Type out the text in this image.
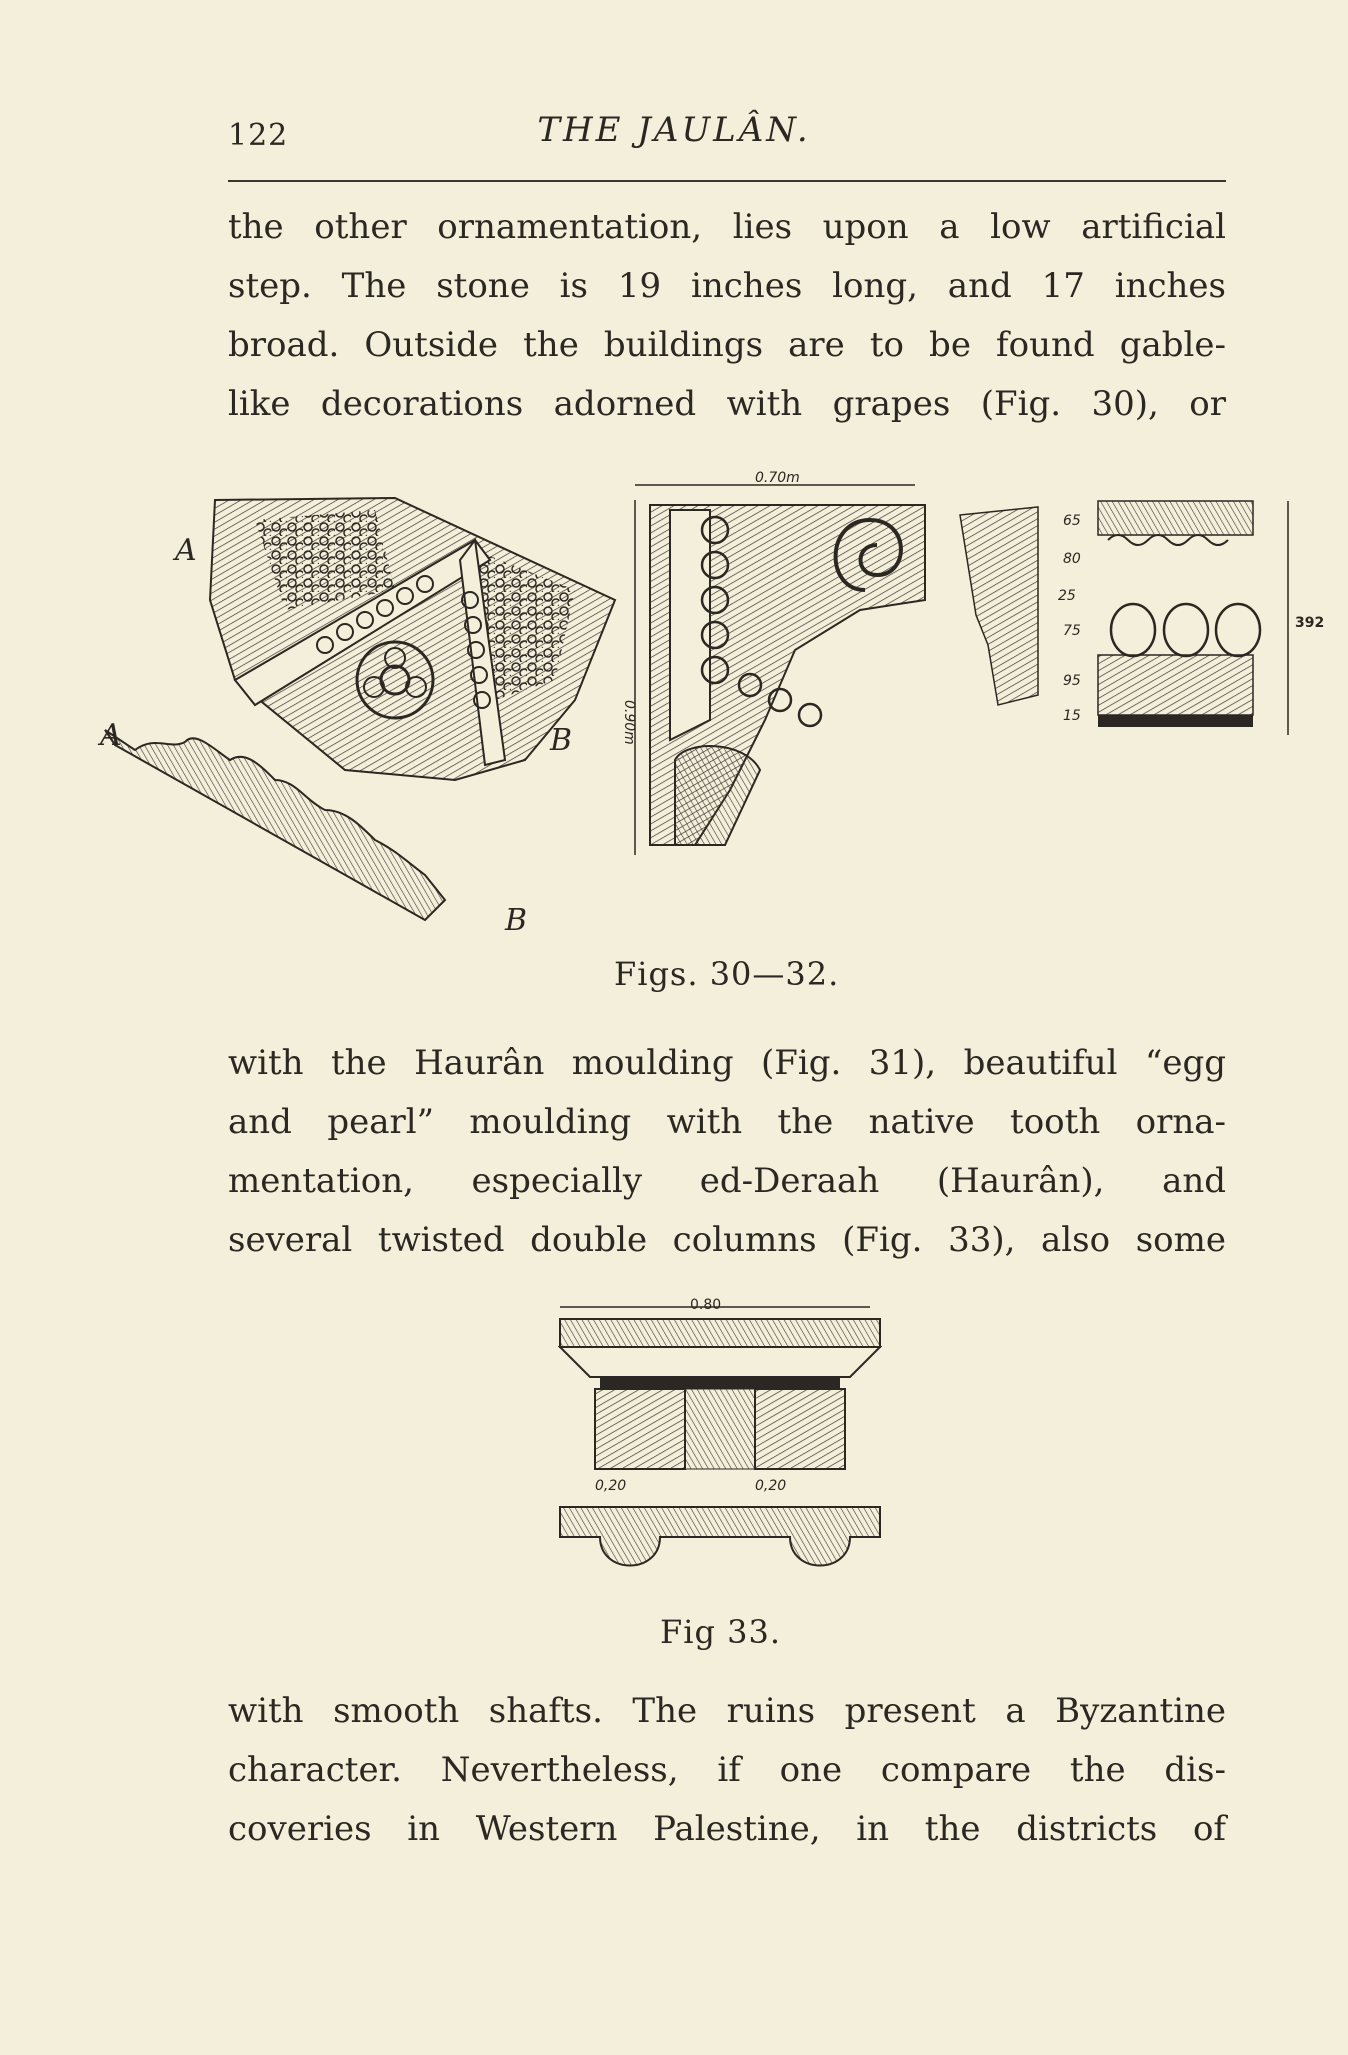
122	THE JAULÂN.
the other ornamentation, lies upon a low artificial
step. The stone is 19 inches long, and 17 inches
broad. Outside the buildings are to be found gable-
like decorations adorned with grapes (Fig. 30), or
A
B
A
B
0.70m
0.90m
392
65
80
25
75
95
15
Figs. 30—32.
with the Haurân moulding (Fig. 31), beautiful “egg
and pearl” moulding with the native tooth orna-
mentation, especially ed-Deraah (Haurân), and
several twisted double columns (Fig. 33), also some
0.80
0,20	0,20
Fig 33.
with smooth shafts. The ruins present a Byzantine
character. Nevertheless, if one compare the dis-
coveries in Western Palestine, in the districts of
